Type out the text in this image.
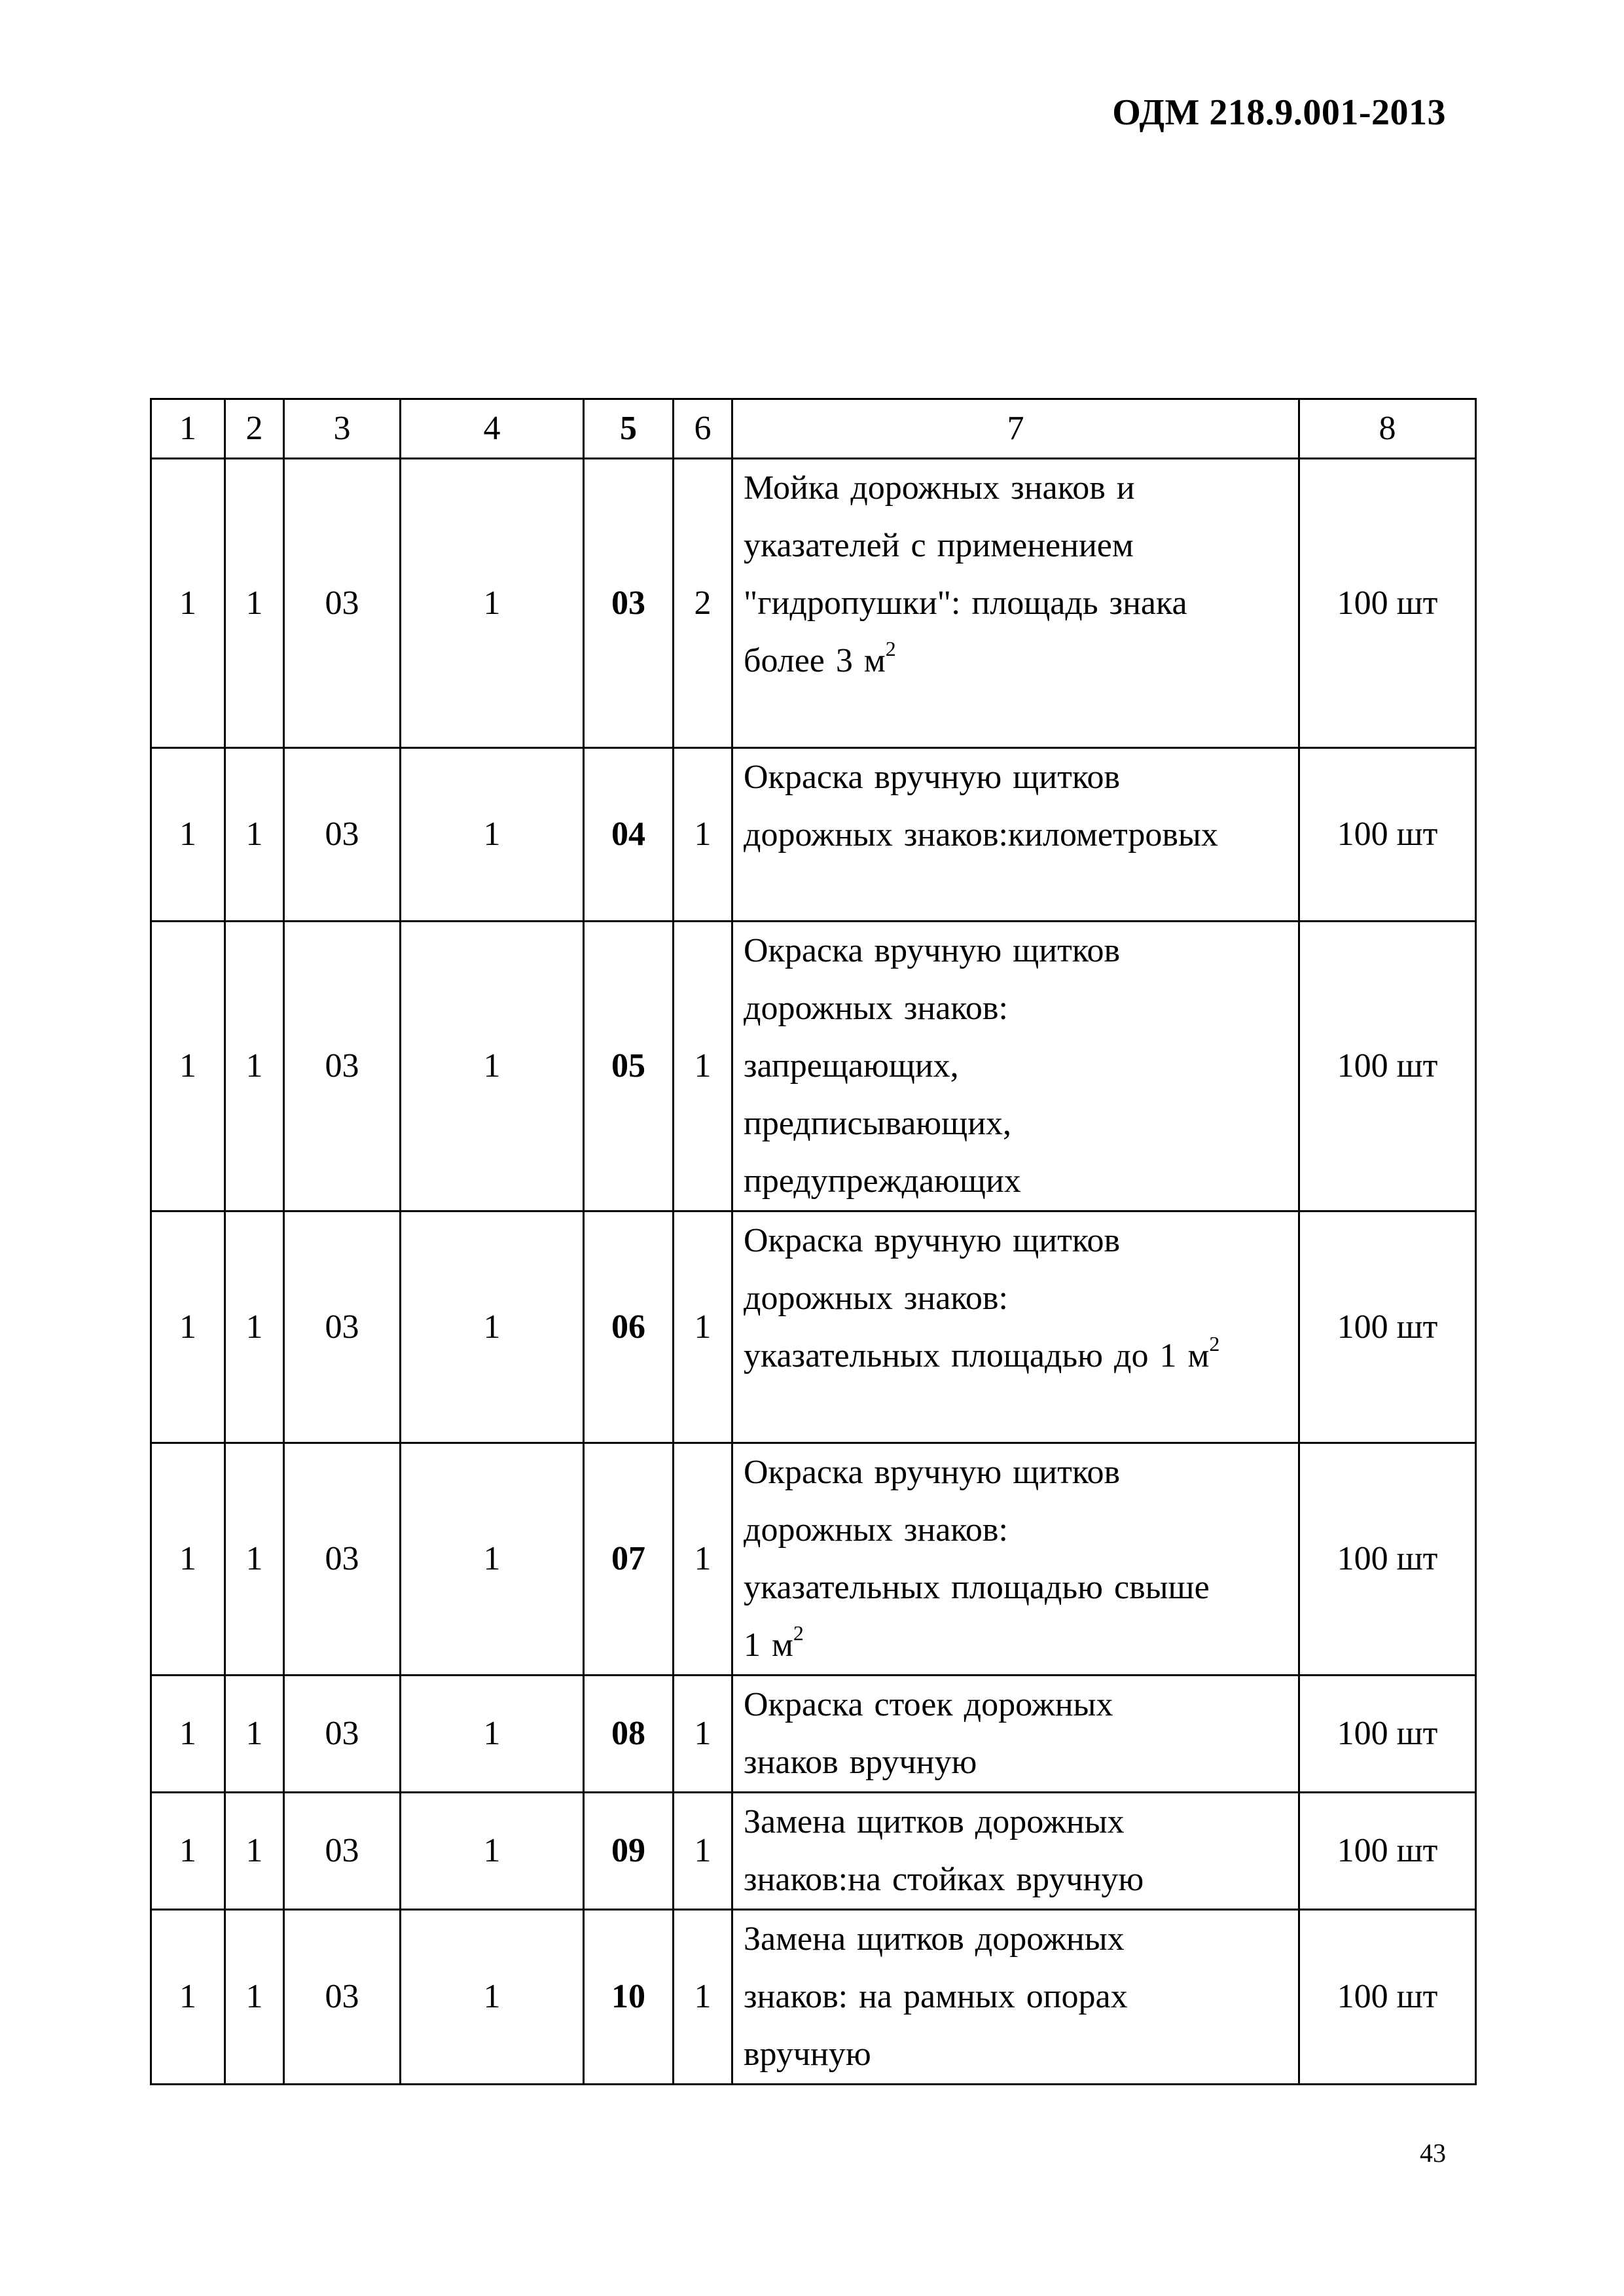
ОДМ 218.9.001-2013
1	2	3	4	5	6	7	8
1	1	03	1	03	2	Мойка дорожных знаков и
указателей с применением
"гидропушки": площадь знака
более 3 $м^2$	100 шт
1	1	03	1	04	1	Окраска вручную щитков
дорожных знаков:километровых	100 шт
1	1	03	1	05	1	Окраска вручную щитков
дорожных знаков:
запрещающих,
предписывающих,
предупреждающих	100 шт
1	1	03	1	06	1	Окраска вручную щитков
дорожных знаков:
указательных площадью до 1 $м^2$	100 шт
1	1	03	1	07	1	Окраска вручную щитков
дорожных знаков:
указательных площадью свыше
1 $м^2$	100 шт
1	1	03	1	08	1	Окраска стоек дорожных
знаков вручную	100 шт
1	1	03	1	09	1	Замена щитков дорожных
знаков:на стойках вручную	100 шт
1	1	03	1	10	1	Замена щитков дорожных
знаков: на рамных опорах
вручную	100 шт
43
